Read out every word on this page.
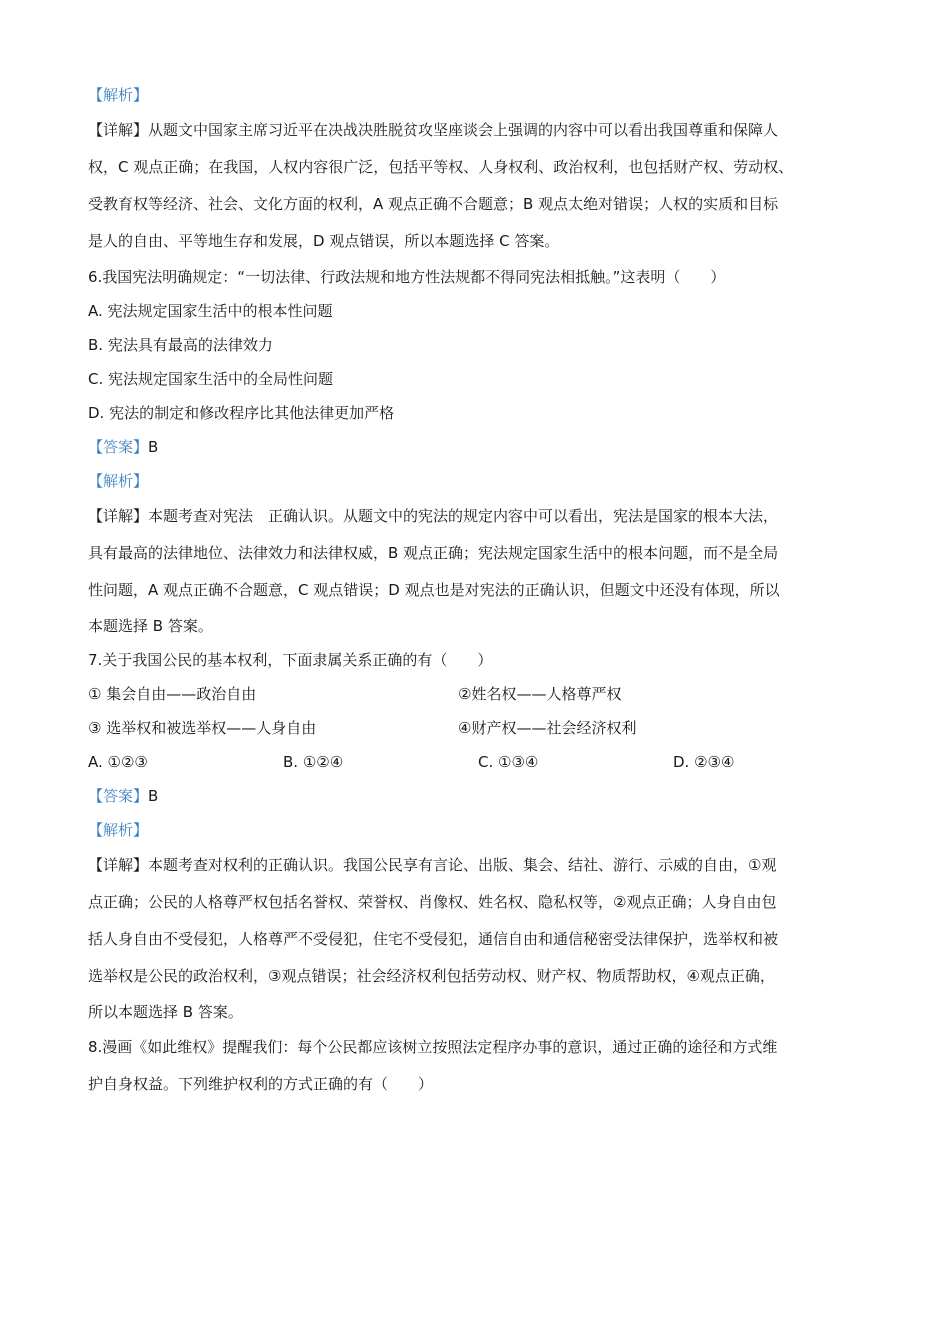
【解析】
【详解】从题文中国家主席习近平在决战决胜脱贫攻坚座谈会上强调的内容中可以看出我国尊重和保障人
权，C 观点正确；在我国，人权内容很广泛，包括平等权、人身权利、政治权利，也包括财产权、劳动权、
受教育权等经济、社会、文化方面的权利，A 观点正确不合题意；B 观点太绝对错误；人权的实质和目标
是人的自由、平等地生存和发展，D 观点错误，所以本题选择 C 答案。
6.我国宪法明确规定：“一切法律、行政法规和地方性法规都不得同宪法相抵触。”这表明（　　）
A. 宪法规定国家生活中的根本性问题
B. 宪法具有最高的法律效力
C. 宪法规定国家生活中的全局性问题
D. 宪法的制定和修改程序比其他法律更加严格
【答案】B
【解析】
【详解】本题考查对宪法　正确认识。从题文中的宪法的规定内容中可以看出，宪法是国家的根本大法，
具有最高的法律地位、法律效力和法律权威，B 观点正确；宪法规定国家生活中的根本问题，而不是全局
性问题，A 观点正确不合题意，C 观点错误；D 观点也是对宪法的正确认识，但题文中还没有体现，所以
本题选择 B 答案。
7.关于我国公民的基本权利，下面隶属关系正确的有（　　）
① 集会自由——政治自由	②姓名权——人格尊严权
③ 选举权和被选举权——人身自由	④财产权——社会经济权利
A. ①②③	B. ①②④	C. ①③④	D. ②③④
【答案】B
【解析】
【详解】本题考查对权利的正确认识。我国公民享有言论、出版、集会、结社、游行、示威的自由，①观
点正确；公民的人格尊严权包括名誉权、荣誉权、肖像权、姓名权、隐私权等，②观点正确；人身自由包
括人身自由不受侵犯，人格尊严不受侵犯，住宅不受侵犯，通信自由和通信秘密受法律保护，选举权和被
选举权是公民的政治权利，③观点错误；社会经济权利包括劳动权、财产权、物质帮助权，④观点正确，
所以本题选择 B 答案。
8.漫画《如此维权》提醒我们：每个公民都应该树立按照法定程序办事的意识，通过正确的途径和方式维
护自身权益。下列维护权利的方式正确的有（　　）
